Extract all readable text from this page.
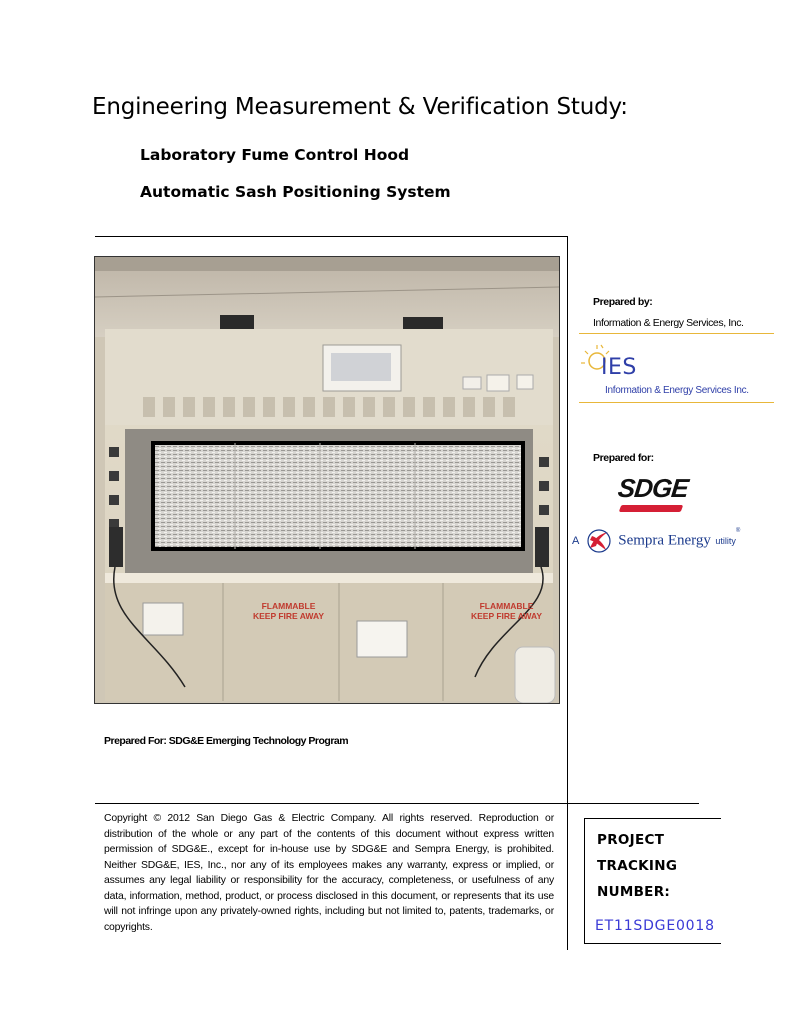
Engineering Measurement & Verification Study:
Laboratory Fume Control Hood
Automatic Sash Positioning System
FLAMMABLE
KEEP FIRE AWAY
FLAMMABLE
KEEP FIRE AWAY
Prepared For: SDG&E Emerging Technology Program
Copyright © 2012 San Diego Gas & Electric Company. All rights reserved. Reproduction or distribution of the whole or any part of the contents of this document without express written permission of SDG&E., except for in-house use by SDG&E and Sempra Energy, is prohibited. Neither SDG&E, IES, Inc., nor any of its employees makes any warranty, express or implied, or assumes any legal liability or responsibility for the accuracy, completeness, or usefulness of any data, information, method, product, or process disclosed in this document, or represents that its use will not infringe upon any privately-owned rights, including but not limited to, patents, trademarks, or copyrights.
Prepared by:
Information & Energy Services, Inc.
IES
Information & Energy Services Inc.
Prepared for:
SDGE
A	Sempra Energy utility®
PROJECT
TRACKING
NUMBER:
ET11SDGE0018
